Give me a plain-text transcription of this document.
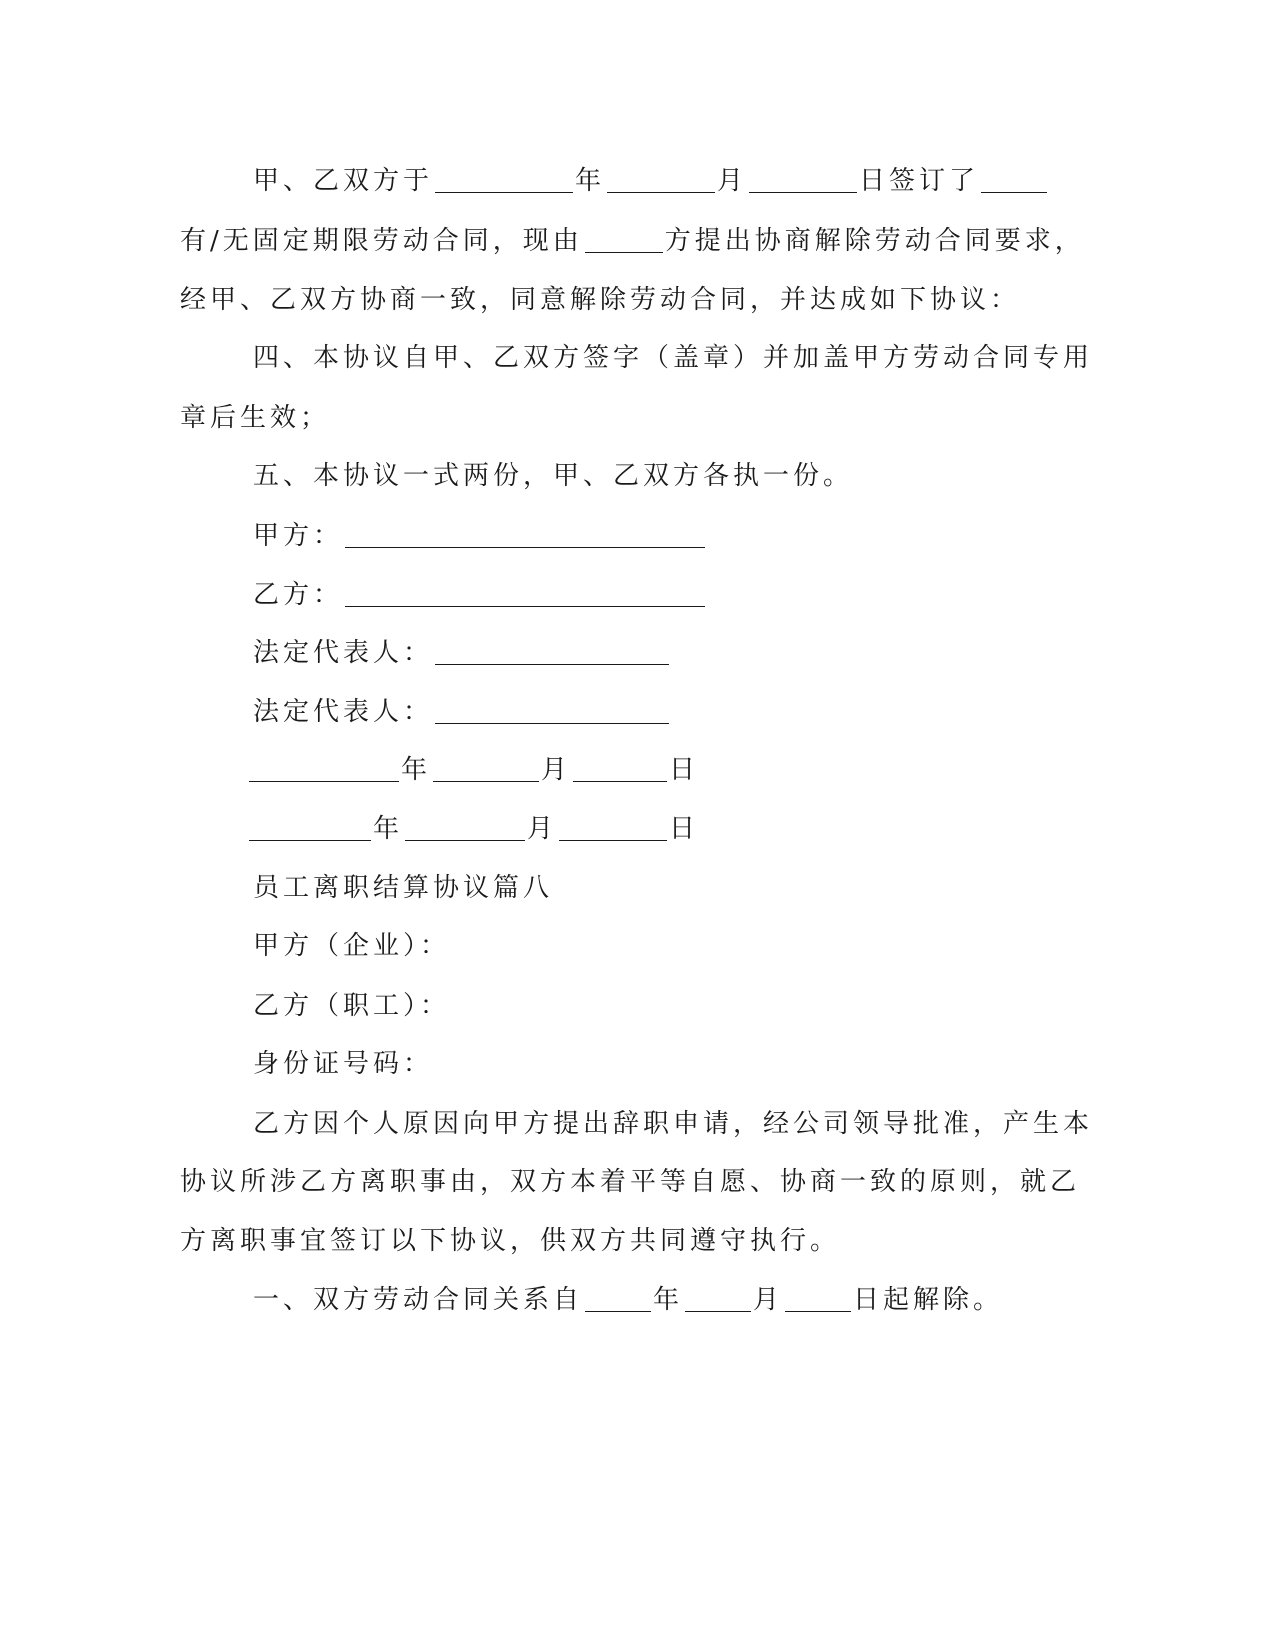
甲、乙双方于	年	月	日签订了
有/无固定期限劳动合同，现由	方提出协商解除劳动合同要求，
经甲、乙双方协商一致，同意解除劳动合同，并达成如下协议：
四、本协议自甲、乙双方签字（盖章）并加盖甲方劳动合同专用
章后生效；
五、本协议一式两份，甲、乙双方各执一份。
甲方：
乙方：
法定代表人：
法定代表人：
年	月	日
年	月	日
员工离职结算协议篇八
甲方（企业）：
乙方（职工）：
身份证号码：
乙方因个人原因向甲方提出辞职申请，经公司领导批准，产生本
协议所涉乙方离职事由，双方本着平等自愿、协商一致的原则，就乙
方离职事宜签订以下协议，供双方共同遵守执行。
一、双方劳动合同关系自	年	月	日起解除。
